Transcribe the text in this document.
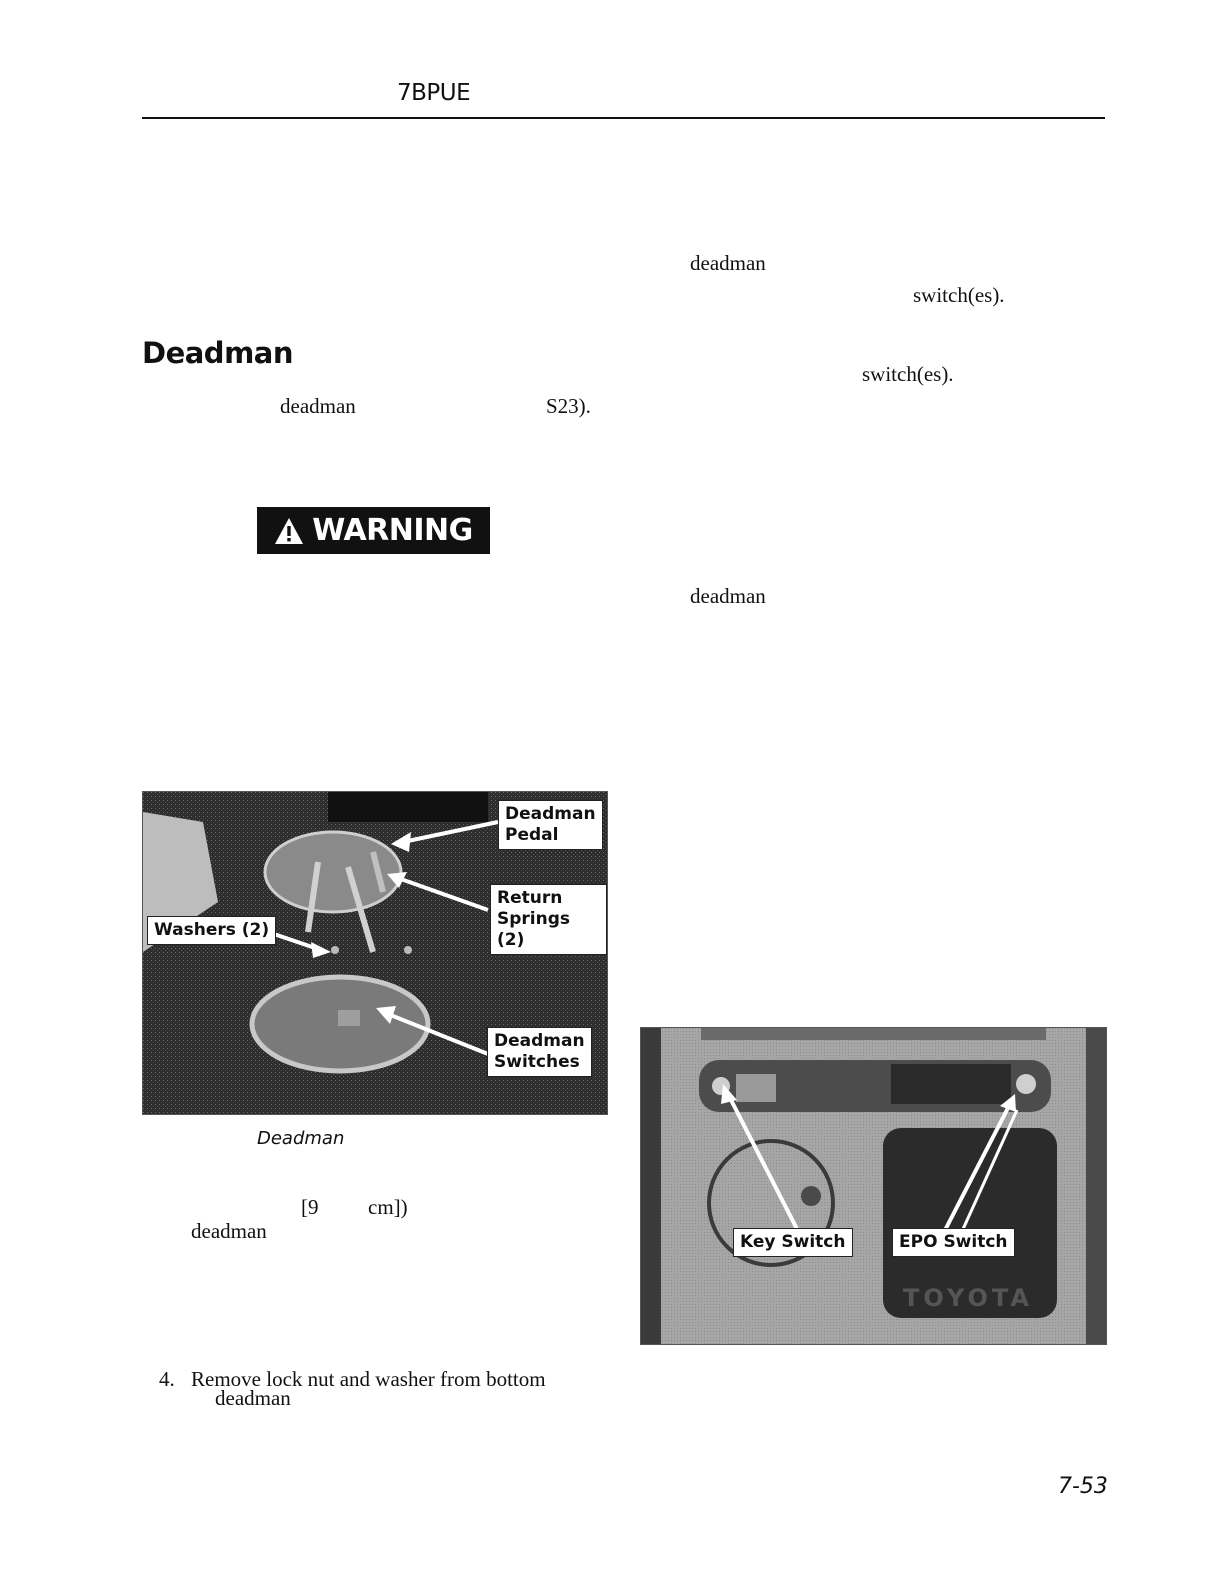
7BPUE
deadman
switch(es).
switch(es).
deadman
Deadman
deadman	S23).
WARNING
Deadman
Pedal
Return
Springs (2)
Washers (2)
Deadman
Switches
Deadman
[9 cm])
deadman
4. Remove lock nut and washer from bottom
deadman
TOYOTA
Key Switch	EPO Switch
7-53
